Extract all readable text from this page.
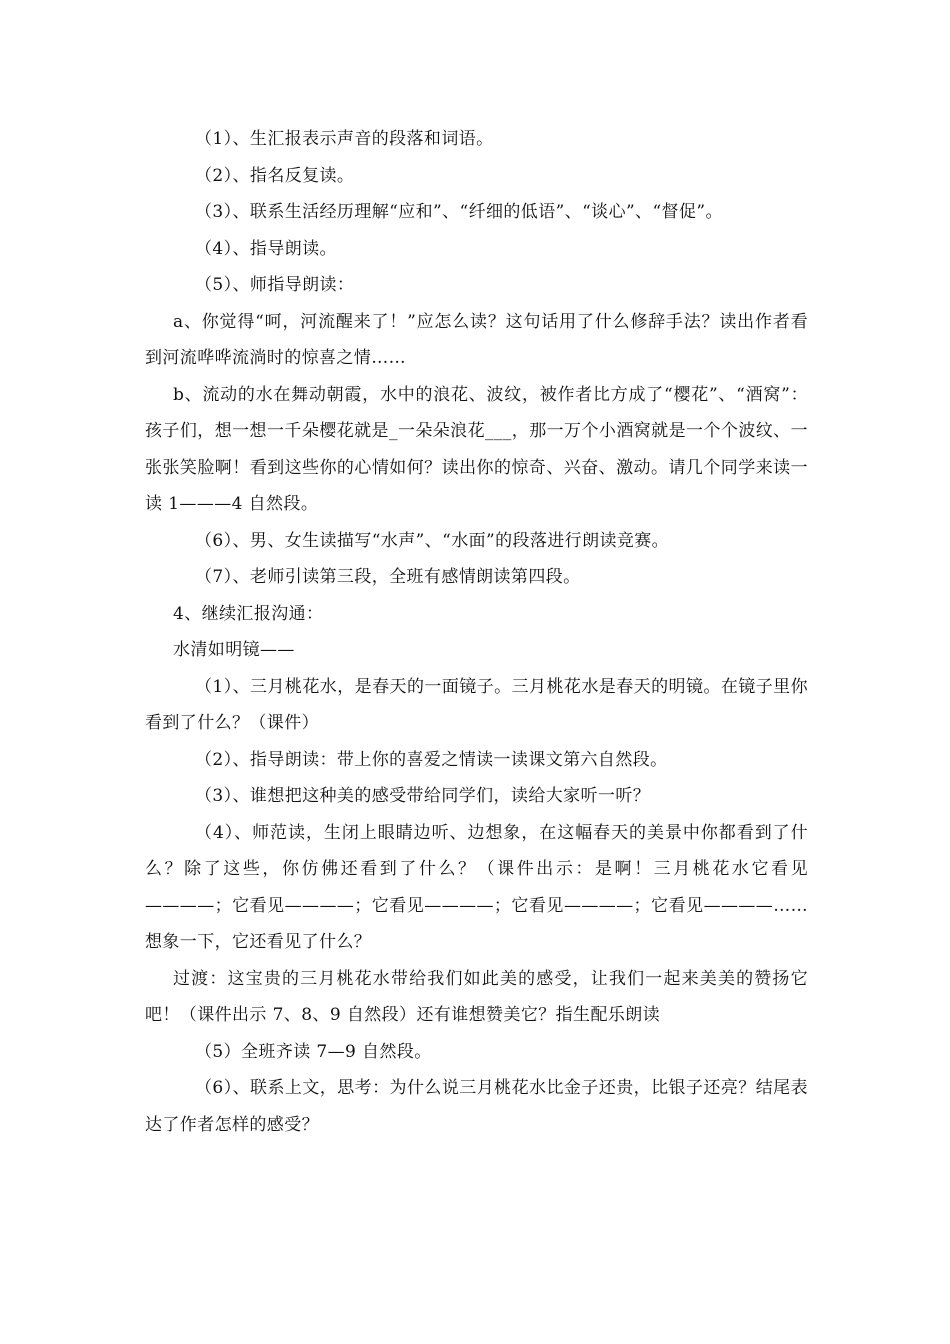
（1）、生汇报表示声音的段落和词语。

（2）、指名反复读。

（3）、联系生活经历理解“应和”、“纤细的低语”、“谈心”、“督促”。

（4）、指导朗读。

（5）、师指导朗读：

a、你觉得“呵，河流醒来了！”应怎么读？这句话用了什么修辞手法？读出作者看到河流哗哗流淌时的惊喜之情……

b、流动的水在舞动朝霞，水中的浪花、波纹，被作者比方成了“樱花”、“酒窝”：孩子们，想一想一千朵樱花就是_一朵朵浪花___，那一万个小酒窝就是一个个波纹、一张张笑脸啊！看到这些你的心情如何？读出你的惊奇、兴奋、激动。请几个同学来读一读 1———4 自然段。

（6）、男、女生读描写“水声”、“水面”的段落进行朗读竞赛。

（7）、老师引读第三段，全班有感情朗读第四段。

4、继续汇报沟通：

水清如明镜——

（1）、三月桃花水，是春天的一面镜子。三月桃花水是春天的明镜。在镜子里你看到了什么？（课件）

（2）、指导朗读：带上你的喜爱之情读一读课文第六自然段。

（3）、谁想把这种美的感受带给同学们，读给大家听一听？

（4）、师范读，生闭上眼睛边听、边想象，在这幅春天的美景中你都看到了什么？除了这些，你仿佛还看到了什么？（课件出示：是啊！三月桃花水它看见————；它看见————；它看见————；它看见————；它看见————……想象一下，它还看见了什么？

过渡：这宝贵的三月桃花水带给我们如此美的感受，让我们一起来美美的赞扬它吧！（课件出示 7、8、9 自然段）还有谁想赞美它？指生配乐朗读

（5）全班齐读 7—9 自然段。

（6）、联系上文，思考：为什么说三月桃花水比金子还贵，比银子还亮？结尾表达了作者怎样的感受？
